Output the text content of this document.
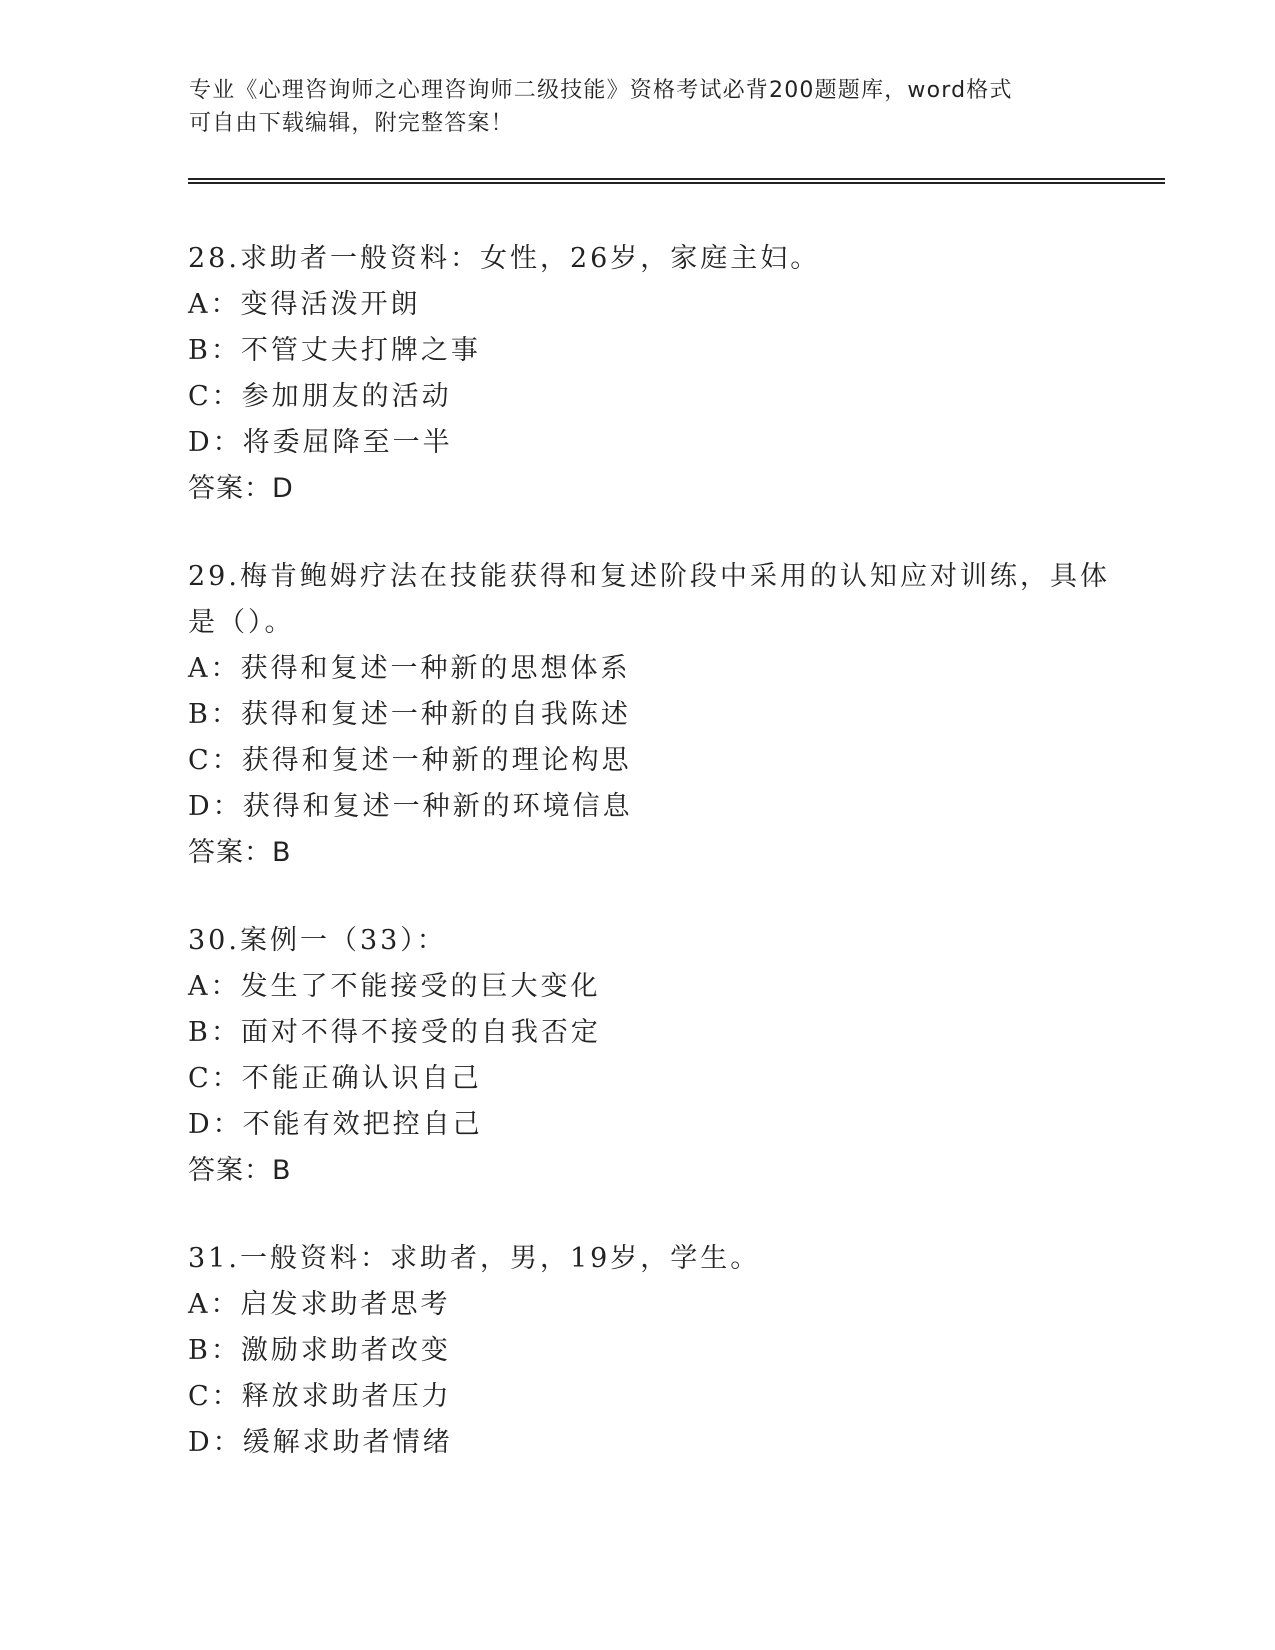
专业《心理咨询师之心理咨询师二级技能》资格考试必背200题题库，word格式
可自由下载编辑，附完整答案！
28.求助者一般资料：女性，26岁，家庭主妇。
A：变得活泼开朗
B：不管丈夫打牌之事
C：参加朋友的活动
D：将委屈降至一半
答案：D
29.梅肯鲍姆疗法在技能获得和复述阶段中采用的认知应对训练，具体是（）。
A：获得和复述一种新的思想体系
B：获得和复述一种新的自我陈述
C：获得和复述一种新的理论构思
D：获得和复述一种新的环境信息
答案：B
30.案例一（33）：
A：发生了不能接受的巨大变化
B：面对不得不接受的自我否定
C：不能正确认识自己
D：不能有效把控自己
答案：B
31.一般资料：求助者，男，19岁，学生。
A：启发求助者思考
B：激励求助者改变
C：释放求助者压力
D：缓解求助者情绪
